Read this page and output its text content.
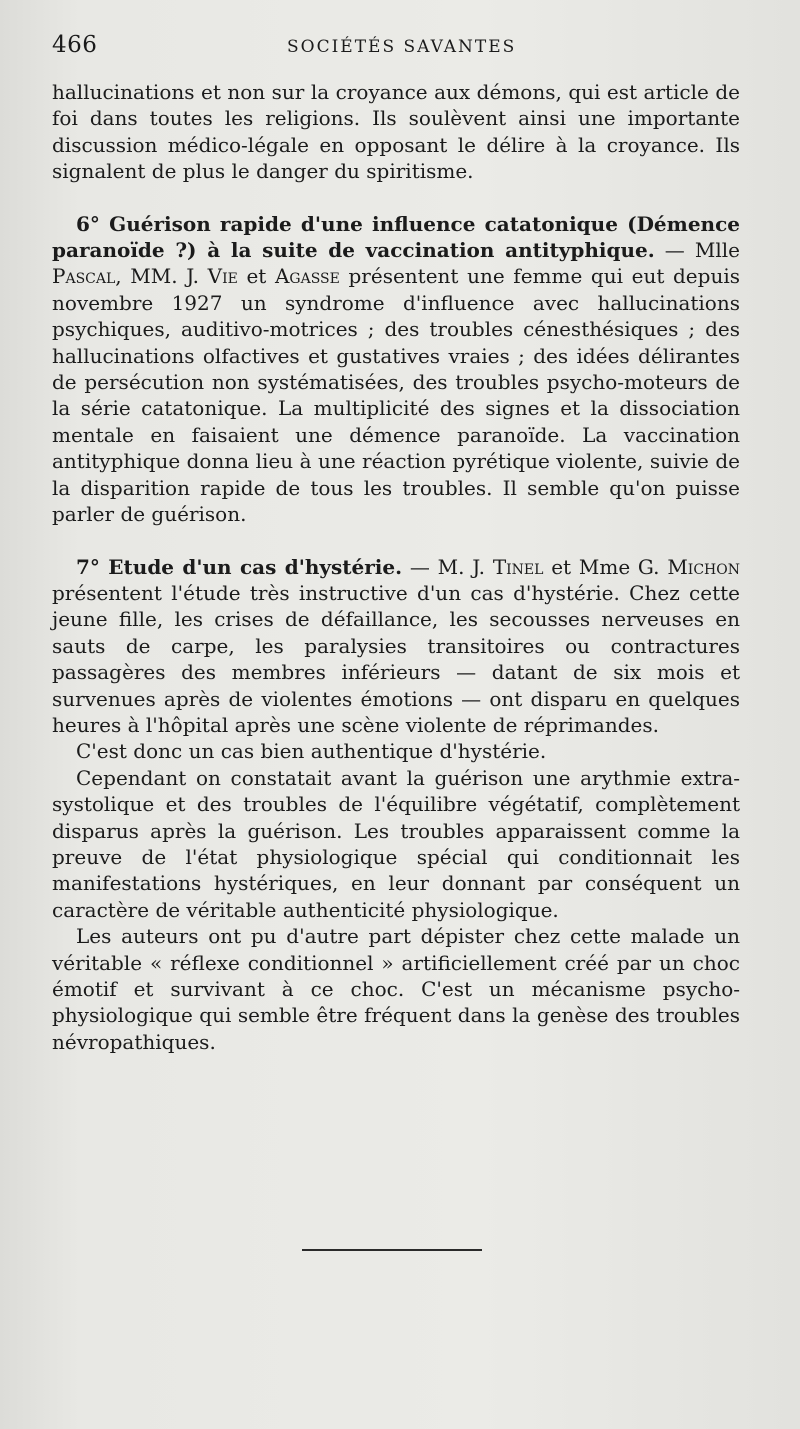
466	SOCIÉTÉS SAVANTES

hallucinations et non sur la croyance aux démons, qui est article de foi dans toutes les religions. Ils soulèvent ainsi une importante discussion médico-légale en opposant le délire à la croyance. Ils signalent de plus le danger du spiritisme.

6° Guérison rapide d'une influence catatonique (Démence paranoïde ?) à la suite de vaccination antityphique. — Mlle Pascal, MM. J. Vie et Agasse présentent une femme qui eut depuis novembre 1927 un syndrome d'influence avec hallucinations psychiques, auditivo-motrices ; des troubles cénesthésiques ; des hallucinations olfactives et gustatives vraies ; des idées délirantes de persécution non systématisées, des troubles psycho-moteurs de la série catatonique. La multiplicité des signes et la dissociation mentale en faisaient une démence paranoïde. La vaccination antityphique donna lieu à une réaction pyrétique violente, suivie de la disparition rapide de tous les troubles. Il semble qu'on puisse parler de guérison.

7° Etude d'un cas d'hystérie. — M. J. Tinel et Mme G. Michon présentent l'étude très instructive d'un cas d'hystérie. Chez cette jeune fille, les crises de défaillance, les secousses nerveuses en sauts de carpe, les paralysies transitoires ou contractures passagères des membres inférieurs — datant de six mois et survenues après de violentes émotions — ont disparu en quelques heures à l'hôpital après une scène violente de réprimandes.

C'est donc un cas bien authentique d'hystérie.

Cependant on constatait avant la guérison une arythmie extra-systolique et des troubles de l'équilibre végétatif, complètement disparus après la guérison. Les troubles apparaissent comme la preuve de l'état physiologique spécial qui conditionnait les manifestations hystériques, en leur donnant par conséquent un caractère de véritable authenticité physiologique.

Les auteurs ont pu d'autre part dépister chez cette malade un véritable « réflexe conditionnel » artificiellement créé par un choc émotif et survivant à ce choc. C'est un mécanisme psycho-physiologique qui semble être fréquent dans la genèse des troubles névropathiques.
